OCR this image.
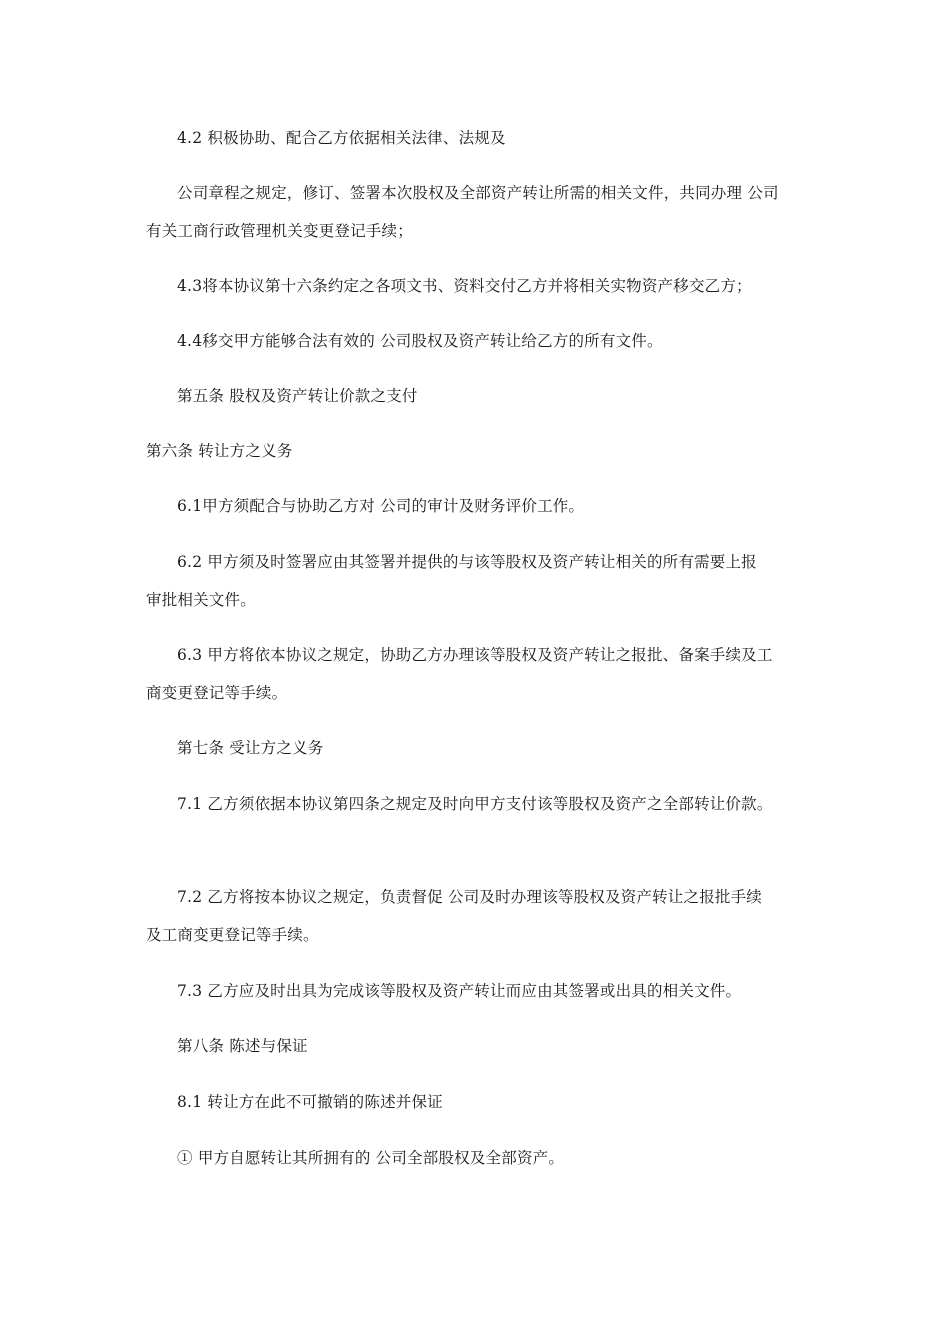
4.2 积极协助、配合乙方依据相关法律、法规及
公司章程之规定，修订、签署本次股权及全部资产转让所需的相关文件，共同办理 公司
有关工商行政管理机关变更登记手续；
4.3将本协议第十六条约定之各项文书、资料交付乙方并将相关实物资产移交乙方；
4.4移交甲方能够合法有效的 公司股权及资产转让给乙方的所有文件。
第五条 股权及资产转让价款之支付
第六条 转让方之义务
6.1甲方须配合与协助乙方对 公司的审计及财务评价工作。
6.2 甲方须及时签署应由其签署并提供的与该等股权及资产转让相关的所有需要上报
审批相关文件。
6.3 甲方将依本协议之规定，协助乙方办理该等股权及资产转让之报批、备案手续及工
商变更登记等手续。
第七条 受让方之义务
7.1 乙方须依据本协议第四条之规定及时向甲方支付该等股权及资产之全部转让价款。
7.2 乙方将按本协议之规定，负责督促 公司及时办理该等股权及资产转让之报批手续
及工商变更登记等手续。
7.3 乙方应及时出具为完成该等股权及资产转让而应由其签署或出具的相关文件。
第八条 陈述与保证
8.1 转让方在此不可撤销的陈述并保证
① 甲方自愿转让其所拥有的 公司全部股权及全部资产。
